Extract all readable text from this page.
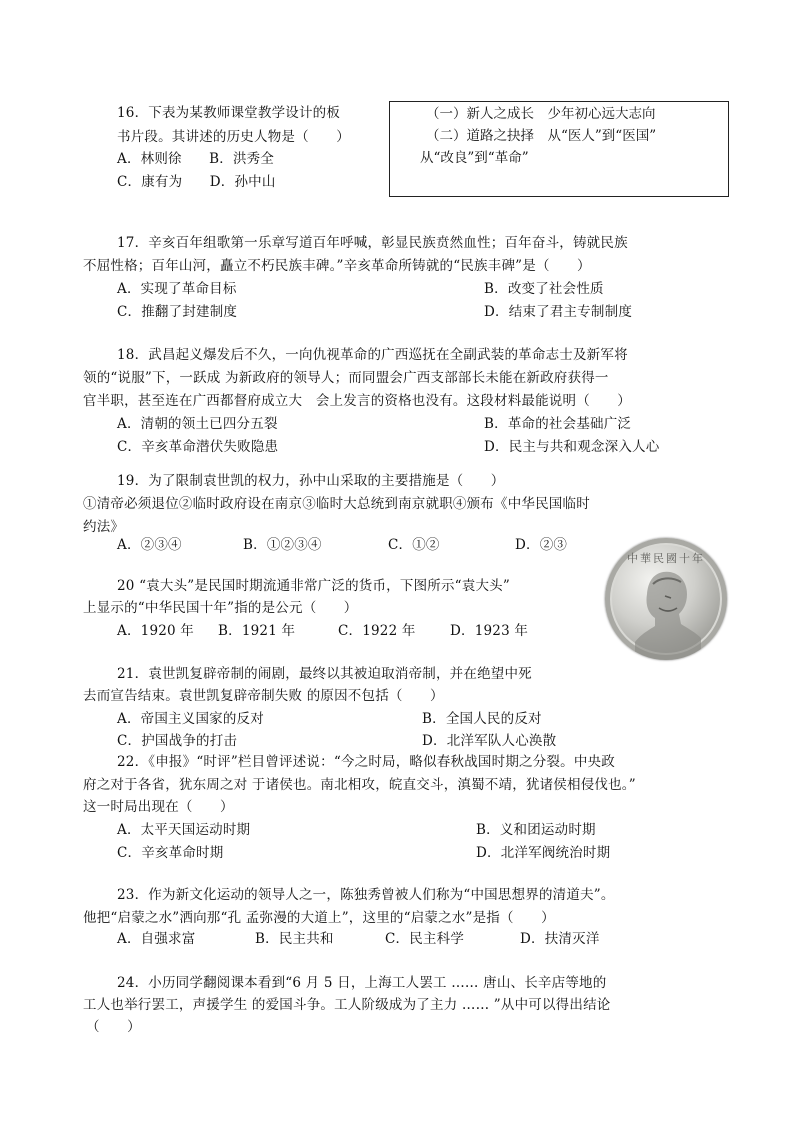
16．下表为某教师课堂教学设计的板
书片段。其讲述的历史人物是（　　）
A．林则徐　　B．洪秀全
C．康有为　　D．孙中山
（一）新人之成长　少年初心远大志向
（二）道路之抉择　从“医人”到“医国”
从“改良”到“革命”
17．辛亥百年组歌第一乐章写道百年呼喊，彰显民族贲然血性；百年奋斗，铸就民族
不屈性格；百年山河，矗立不朽民族丰碑。”辛亥革命所铸就的“民族丰碑”是（　　）
A．实现了革命目标	B．改变了社会性质
C．推翻了封建制度	D．结束了君主专制制度
18．武昌起义爆发后不久，一向仇视革命的广西巡抚在全副武装的革命志士及新军将
领的“说服”下，一跃成 为新政府的领导人；而同盟会广西支部部长未能在新政府获得一
官半职，甚至连在广西都督府成立大　会上发言的资格也没有。这段材料最能说明（　　）
A．清朝的领土已四分五裂	B．革命的社会基础广泛
C．辛亥革命潜伏失败隐患	D．民主与共和观念深入人心
19．为了限制袁世凯的权力，孙中山采取的主要措施是（　　）
①清帝必须退位②临时政府设在南京③临时大总统到南京就职④颁布《中华民国临时
约法》
A．②③④	B．①②③④	C．①②	D．②③
20 “袁大头”是民国时期流通非常广泛的货币，下图所示“袁大头”
上显示的“中华民国十年”指的是公元（　　）
A．1920 年 B．1921 年	C．1922 年	D．1923 年
中華民國十年
21．袁世凯复辟帝制的闹剧，最终以其被迫取消帝制，并在绝望中死
去而宣告结束。袁世凯复辟帝制失败 的原因不包括（　　）
A．帝国主义国家的反对	B．全国人民的反对
C．护国战争的打击	D．北洋军队人心涣散
22．《申报》“时评”栏目曾评述说：“今之时局，略似春秋战国时期之分裂。中央政
府之对于各省，犹东周之对 于诸侯也。南北相攻，皖直交斗，滇蜀不靖，犹诸侯相侵伐也。”
这一时局出现在（　　）
A．太平天国运动时期	B．义和团运动时期
C．辛亥革命时期	D．北洋军阀统治时期
23．作为新文化运动的领导人之一，陈独秀曾被人们称为“中国思想界的清道夫”。
他把“启蒙之水”洒向那“孔 孟弥漫的大道上”，这里的“启蒙之水”是指（　　）
A．自强求富	B．民主共和	C．民主科学	D．扶清灭洋
24．小历同学翻阅课本看到“6 月 5 日，上海工人罢工 …… 唐山、长辛店等地的
工人也举行罢工，声援学生 的爱国斗争。工人阶级成为了主力 …… ”从中可以得出结论
（　　）
